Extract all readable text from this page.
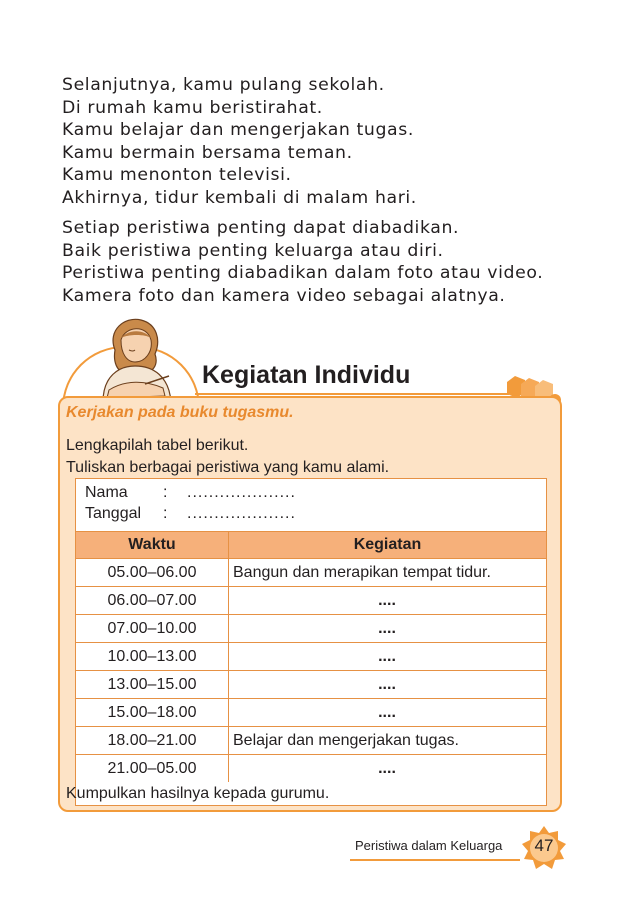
Selanjutnya, kamu pulang sekolah.

Di rumah kamu beristirahat.

Kamu belajar dan mengerjakan tugas.

Kamu bermain bersama teman.

Kamu menonton televisi.

Akhirnya, tidur kembali di malam hari.

Setiap peristiwa penting dapat diabadikan.

Baik peristiwa penting keluarga atau diri.

Peristiwa penting diabadikan dalam foto atau video.

Kamera foto dan kamera video sebagai alatnya.

Kegiatan Individu
Kerjakan pada buku tugasmu.

Lengkapilah tabel berikut.

Tuliskan berbagai peristiwa yang kamu alami.

Nama	:	....................
Tanggal	:	....................
Waktu	Kegiatan
05.00–06.00	Bangun dan merapikan tempat tidur.
06.00–07.00	....
07.00–10.00	....
10.00–13.00	....
13.00–15.00	....
15.00–18.00	....
18.00–21.00	Belajar dan mengerjakan tugas.
21.00–05.00	....
Kumpulkan hasilnya kepada gurumu.
Peristiwa dalam Keluarga	47
